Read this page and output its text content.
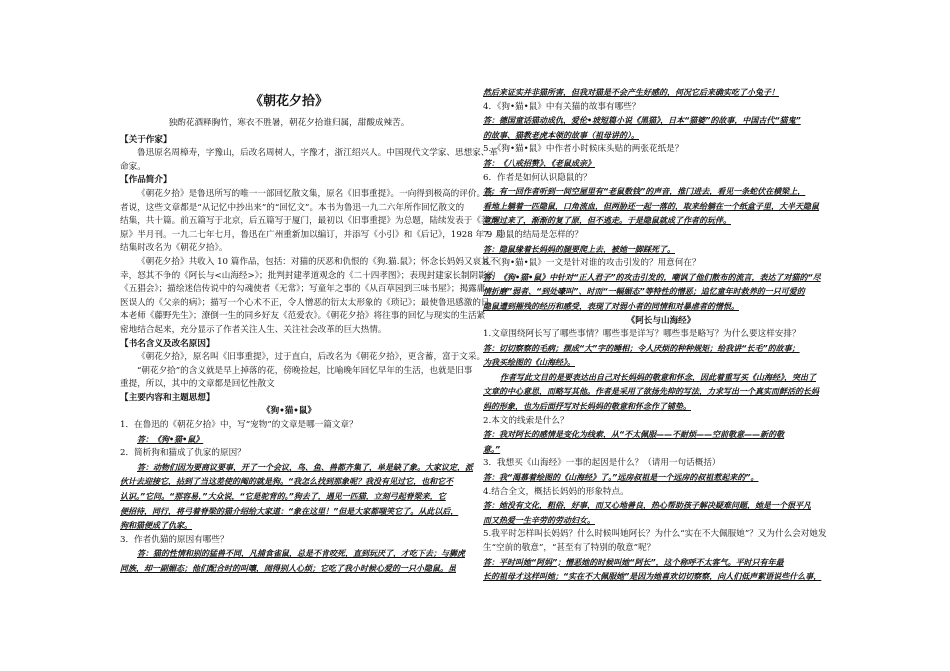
《朝花夕拾》
独酌花酒释胸竹，寒衣不胜暑，朝花夕拾谁归属，甜酸成辣苦。
【关于作家】
鲁迅原名周樟寿，字豫山，后改名周树人，字豫才，浙江绍兴人。中国现代文学家、思想家、革
命家。
【作品简介】
《朝花夕拾》是鲁迅所写的唯一一部回忆散文集，原名《旧事重提》。一向得到极高的评价。作
者说，这些文章都是“从记忆中抄出来”的“回忆文”。本书为鲁迅一九二六年所作回忆散文的
结集，共十篇。前五篇写于北京，后五篇写于厦门，最初以《旧事重提》为总题，陆续发表于《莽
原》半月刊。一九二七年七月，鲁迅在广州重新加以编订，并添写《小引》和《后记》，1928 年 9 月
结集时改名为《朝花夕拾》。
《朝花夕拾》共收入 10 篇作品，包括：对猫的厌恶和仇恨的《狗.猫.鼠》；怀念长妈妈又哀其不
幸，怒其不争的《阿长与<山海经>》；批判封建孝道观念的《二十四孝图》；表现封建家长制阴影的
《五猖会》；描绘迷信传说中的勾魂使者《无常》；写童年之事的《从百草园到三味书屋》；揭露庸
医误人的《父亲的病》；描写一个心术不正，令人憎恶的衍太太形象的《琐记》；最使鲁迅感激的日
本老师《藤野先生》；潦倒一生的同乡好友《范爱农》。《朝花夕拾》将往事的回忆与现实的生活紧
密地结合起来，充分显示了作者关注人生、关注社会改革的巨大热情。
【书名含义及改名原因】
《朝花夕拾》，原名叫《旧事重提》，过于直白，后改名为《朝花夕拾》，更含蓄，富于文采。
“朝花夕拾”的含义就是早上掉落的花，傍晚捡起，比喻晚年回忆早年的生活，也就是旧事
重提，所以，其中的文章都是回忆性散文
【主要内容和主题思想】
《狗•猫•鼠》
1．在鲁迅的《朝花夕拾》中，写“宠物”的文章是哪一篇文章？
答：《狗•猫•鼠》
2．简析狗和猫成了仇家的原因？
答：动物们因为要商议要事，开了一个会议，鸟、鱼、兽都齐集了，单是缺了象。大家议定，派
伙计去迎接它，拈到了当这差使的阄的就是狗。“我怎么找到那象呢？我没有见过它，也和它不
认识。”它问。“那容易，”大众说，“它是驼背的。”狗去了，遇见一匹猫，立刻弓起脊梁来，它
便招待，同行，将弓着脊梁的猫介绍给大家道：“象在这里！”但是大家都嗤笑它了。从此以后，
狗和猫便成了仇家。
3．作者仇猫的原因有哪些？
答：猫的性情和别的猛兽不同，凡捕食雀鼠，总是不肯咬死，直到玩厌了，才吃下去；与狮虎
同族，却一副媚态；他们配合时的叫嚷，闹得别人心烦；它吃了我小时候心爱的一只小隐鼠。虽
然后来证实并非猫所害，但我对猫是不会产生好感的，何况它后来确实吃了小兔子！
4．《狗•猫•鼠》中有关猫的故事有哪些？
答：德国童话猫动成仇，爱伦•坡短篇小说《黑猫》，日本“猫婆”的故事，中国古代“猫鬼”
的故事、猫教老虎本领的故事（祖母讲的）。
5．《狗•猫•鼠》中作者小时候床头贴的两张花纸是？
答：《八戒招赘》、《老鼠成亲》
6．作者是如何认识隐鼠的？
答：有一回作者听到一间空屋里有“老鼠数钱”的声音，推门进去，看见一条蛇伏在横梁上，
看地上躺着一匹隐鼠，口角流血，但两胁还一起一落的，取来给躺在一个纸盒子里，大半天隐鼠
竟醒过来了，渐渐的复了原，但不逃走。于是隐鼠就成了作者的玩伴。
7．隐鼠的结局是怎样的？
答：隐鼠缘着长妈妈的腿要爬上去，被她一脚踩死了。
8．《狗•猫•鼠》一文是针对谁的攻击引发的？用意何在？
答：《狗•猫•鼠》中针对“正人君子”的攻击引发的，嘲讽了他们散布的流言，表达了对猫的“尽
情折磨”弱者、“到处嚎叫”、时而“一幅媚态”等特性的憎恶；追忆童年时救养的一只可爱的
隐鼠遭到摧残的经历和感受，表现了对弱小者的同情和对暴虐者的憎恨。
《阿长与山海经》
1.文章围绕阿长写了哪些事情？哪些事是详写？哪些事是略写？为什么要这样安排？
答：切切察察的毛病；摆成“大”字的睡相；令人厌烦的种种规矩；给我讲“长毛”的故事；
为我买绘图的《山海经》。
作者写此文目的是要表达出自己对长妈妈的敬意和怀念，因此着重写买《山海经》，突出了
文章的中心意思，而略写其他。作者是采用了欲扬先抑的写法，力求写出一个真实而鲜活的长妈
妈的形象，也为后面抒写对长妈妈的敬意和怀念作了铺垫。
2.本文的线索是什么？
答：我对阿长的感情是变化为线索，从“不太佩服——不耐烦——空前敬意——新的敬
意。”
3．我想买《山海经》一事的起因是什么？（请用一句话概括）
答：我“渴慕着绘图的《山海经》了。”远房叔祖是一个远房的叔祖惹起来的”。
4.结合全文，概括长妈妈的形象特点。
答：她没有文化，粗俗，好事，而又心地善良，热心帮助孩子解决疑难问题，她是一个很平凡
而又热爱一生辛劳的劳动妇女。
5.我平时怎样叫长妈妈？什么时候叫她阿长？为什么“实在不大佩服她”？又为什么会对她发
生“空前的敬意”，“甚至有了特别的敬意”呢？
答：平时叫她“阿妈”；憎恶她的时候叫她“阿长”，这个称呼不太客气。平时只有年最
长的祖母才这样叫她；“实在不大佩服她”是因为她喜欢切切察察，向人们低声絮语说些什么事，
